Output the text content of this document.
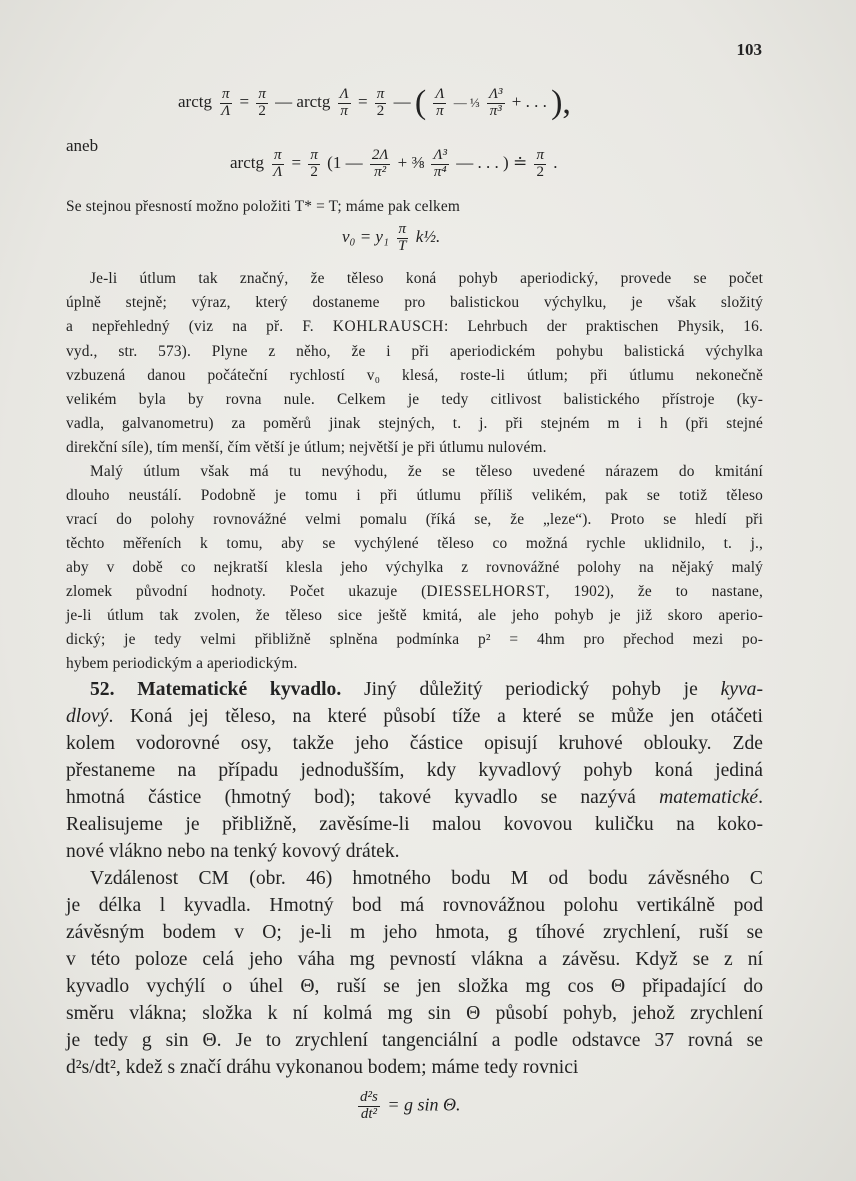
103
arctg $\frac{\pi}{\Lambda} = \frac{\pi}{2}$ — arctg $\frac{\Lambda}{\pi} = \frac{\pi}{2}$ — ( $\frac{\Lambda}{\pi}$ — ⅓ $\frac{\text{Λ³}}{\text{π³}}$ + . . . ),
aneb
arctg $\frac{\pi}{\Lambda} = \frac{\pi}{2} (1$ — $\frac{2\Lambda}{\text{π²}}$ + ⅜ $\frac{\text{Λ³}}{\text{π⁴}}$ — . . . ) ≐ $\frac{\pi}{2}$ .
Se stejnou přesností možno položiti T* = T; máme pak celkem
$v_0 = y_1 \frac{\pi}{T}$ k½.
Je-li útlum tak značný, že těleso koná pohyb aperiodický, provede se počet
úplně stejně; výraz, který dostaneme pro balistickou výchylku, je však složitý
a nepřehledný (viz na př. F. KOHLRAUSCH: Lehrbuch der praktischen Physik, 16.
vyd., str. 573). Plyne z něho, že i při aperiodickém pohybu balistická výchylka
vzbuzená danou počáteční rychlostí v₀ klesá, roste-li útlum; při útlumu nekonečně
velikém byla by rovna nule. Celkem je tedy citlivost balistického přístroje (ky-
vadla, galvanometru) za poměrů jinak stejných, t. j. při stejném m i h (při stejné
direkční síle), tím menší, čím větší je útlum; největší je při útlumu nulovém.
Malý útlum však má tu nevýhodu, že se těleso uvedené nárazem do kmitání
dlouho neustálí. Podobně je tomu i při útlumu příliš velikém, pak se totiž těleso
vrací do polohy rovnovážné velmi pomalu (říká se, že „leze“). Proto se hledí při
těchto měřeních k tomu, aby se vychýlené těleso co možná rychle uklidnilo, t. j.,
aby v době co nejkratší klesla jeho výchylka z rovnovážné polohy na nějaký malý
zlomek původní hodnoty. Počet ukazuje (DIESSELHORST, 1902), že to nastane,
je-li útlum tak zvolen, že těleso sice ještě kmitá, ale jeho pohyb je již skoro aperio-
dický; je tedy velmi přibližně splněna podmínka p² = 4hm pro přechod mezi po-
hybem periodickým a aperiodickým.
52. Matematické kyvadlo. Jiný důležitý periodický pohyb je kyva-
dlový. Koná jej těleso, na které působí tíže a které se může jen otáčeti
kolem vodorovné osy, takže jeho částice opisují kruhové oblouky. Zde
přestaneme na případu jednodušším, kdy kyvadlový pohyb koná jediná
hmotná částice (hmotný bod); takové kyvadlo se nazývá matematické.
Realisujeme je přibližně, zavěsíme-li malou kovovou kuličku na koko-
nové vlákno nebo na tenký kovový drátek.
Vzdálenost CM (obr. 46) hmotného bodu M od bodu závěsného C
je délka l kyvadla. Hmotný bod má rovnovážnou polohu vertikálně pod
závěsným bodem v O; je-li m jeho hmota, g tíhové zrychlení, ruší se
v této poloze celá jeho váha mg pevností vlákna a závěsu. Když se z ní
kyvadlo vychýlí o úhel Θ, ruší se jen složka mg cos Θ připadající do
směru vlákna; složka k ní kolmá mg sin Θ působí pohyb, jehož zrychlení
je tedy g sin Θ. Je to zrychlení tangenciální a podle odstavce 37 rovná se
d²s/dt², kdež s značí dráhu vykonanou bodem; máme tedy rovnici
$\frac{\text{d²s}}{\text{dt²}} = g$ sin Θ.
